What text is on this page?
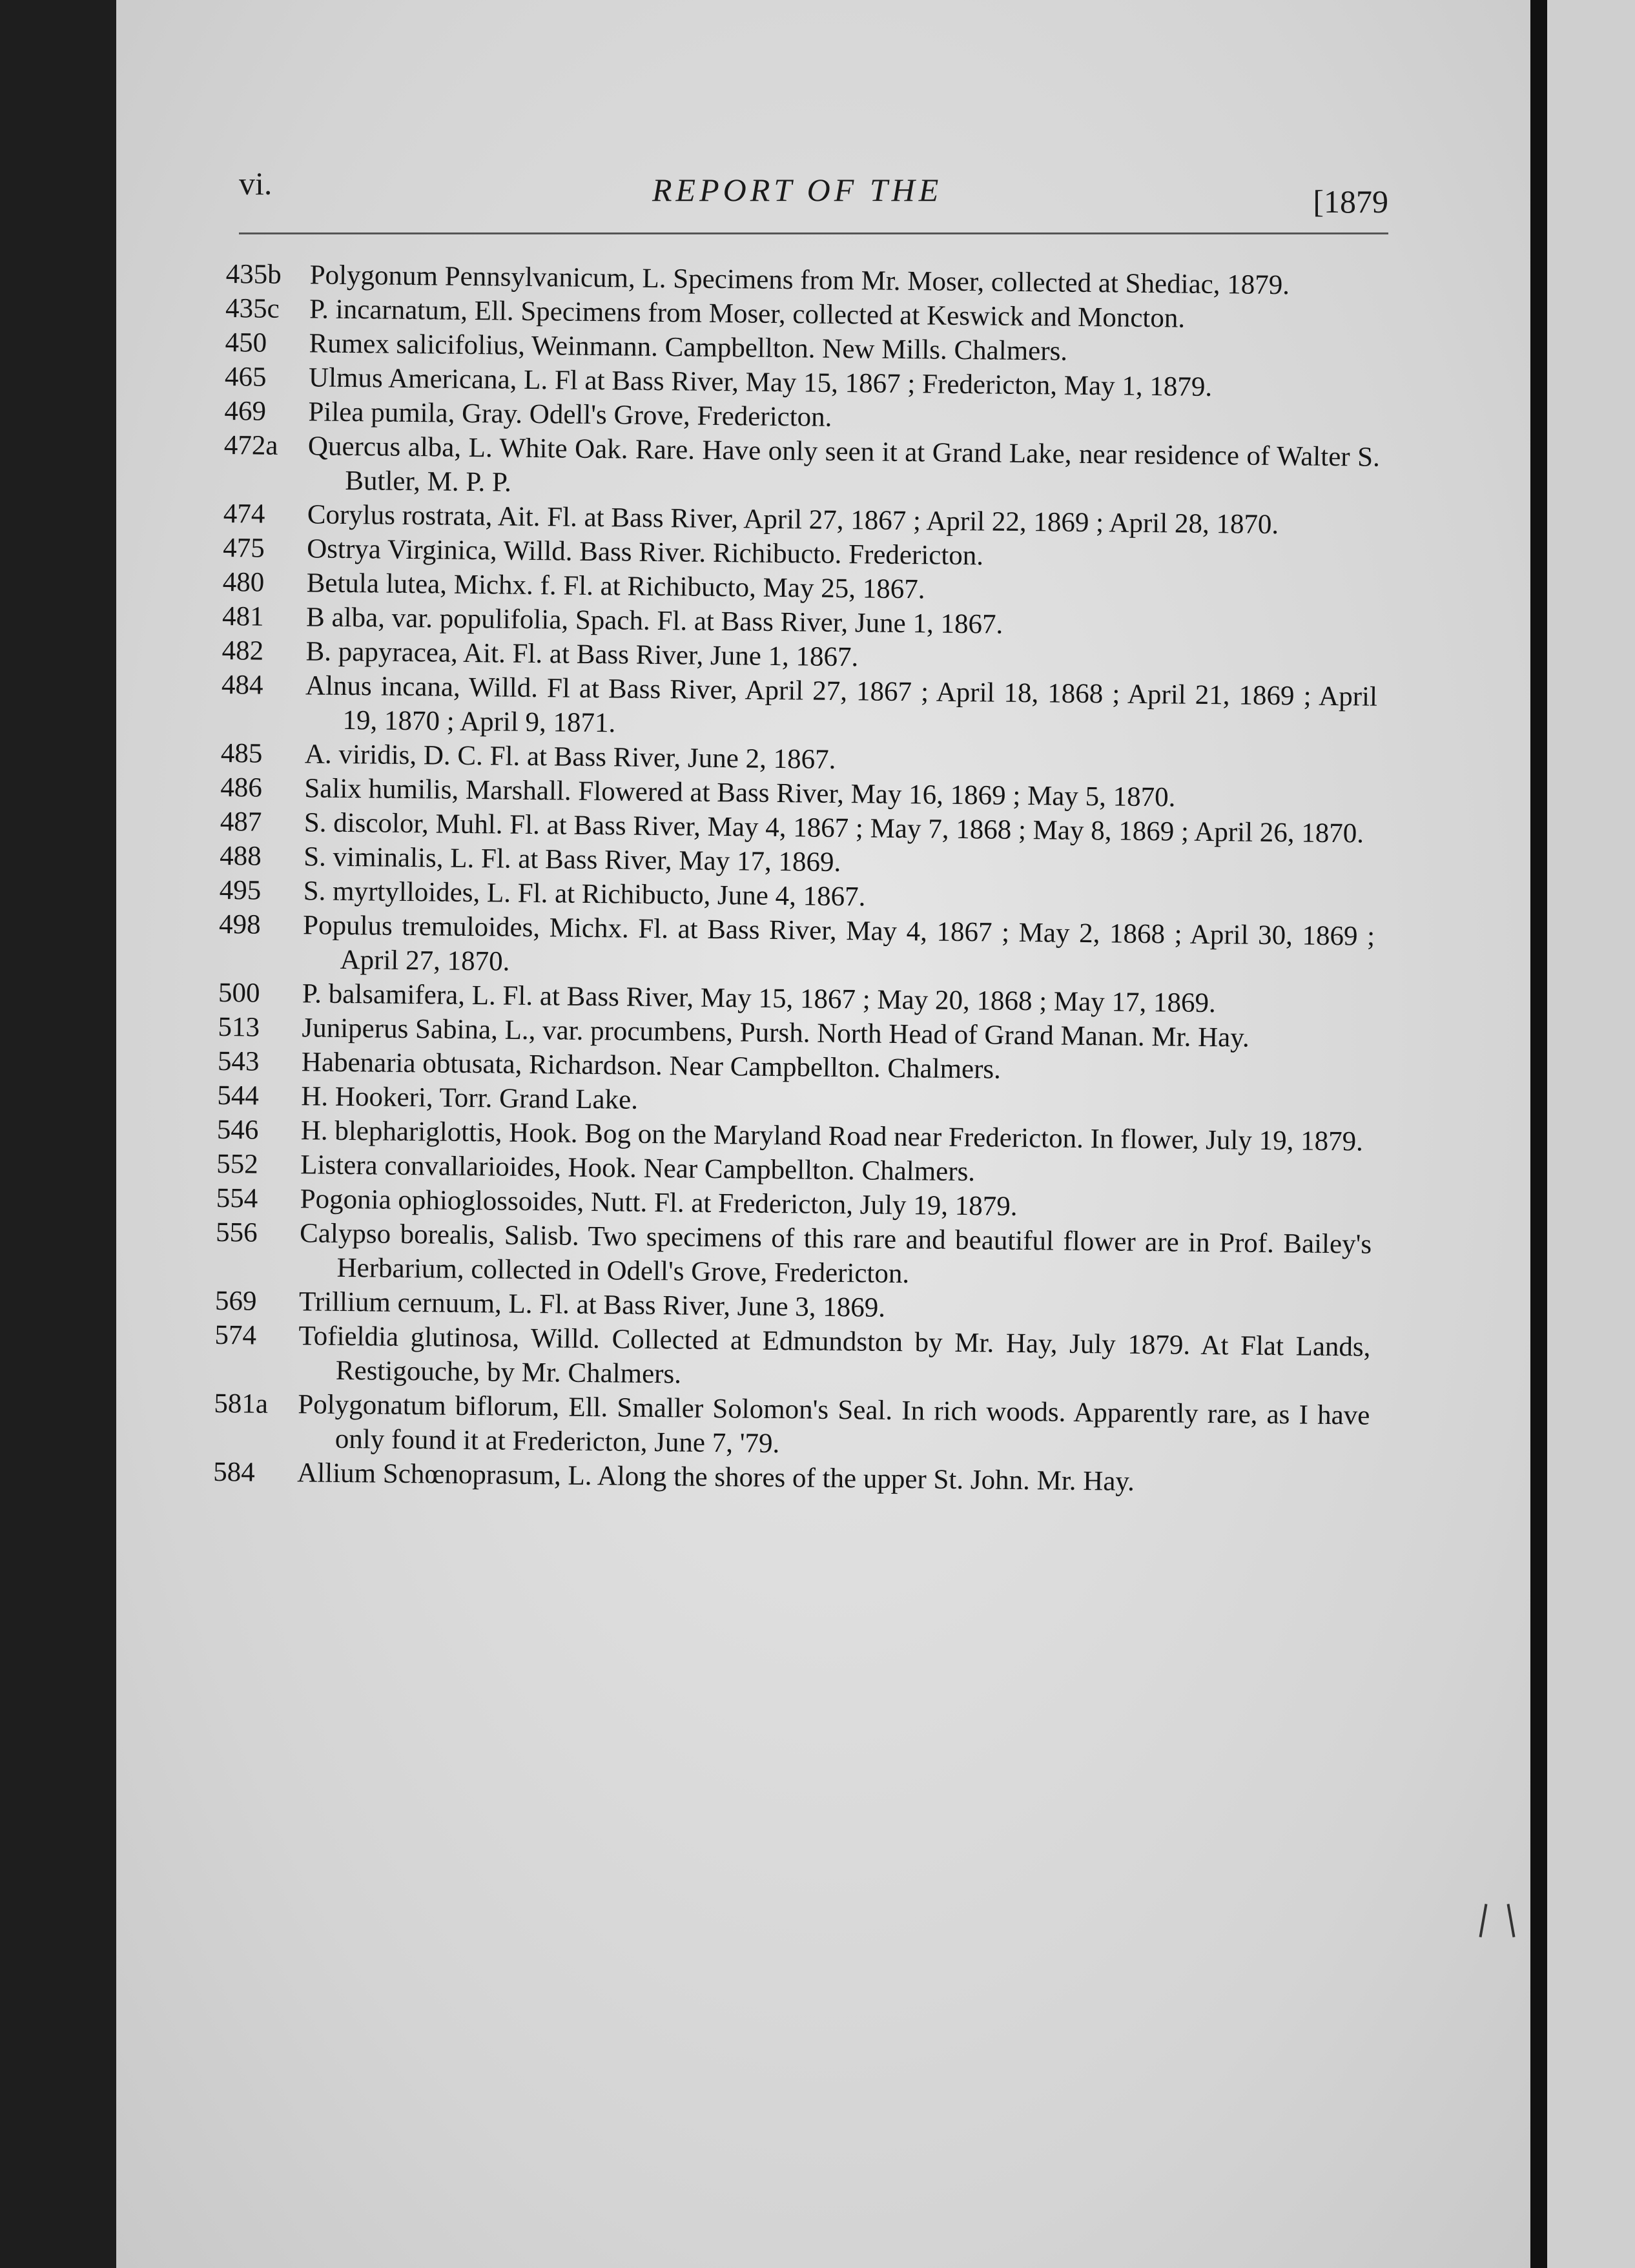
vi.	REPORT OF THE	[1879
435b	Polygonum Pennsylvanicum, L. Specimens from Mr. Moser, collected at Shediac, 1879.
435c	P. incarnatum, Ell. Specimens from Moser, collected at Keswick and Moncton.
450	Rumex salicifolius, Weinmann. Campbellton. New Mills. Chalmers.
465	Ulmus Americana, L. Fl at Bass River, May 15, 1867 ; Fredericton, May 1, 1879.
469	Pilea pumila, Gray. Odell's Grove, Fredericton.
472a	Quercus alba, L. White Oak. Rare. Have only seen it at Grand Lake, near residence of Walter S. Butler, M. P. P.
474	Corylus rostrata, Ait. Fl. at Bass River, April 27, 1867 ; April 22, 1869 ; April 28, 1870.
475	Ostrya Virginica, Willd. Bass River. Richibucto. Fredericton.
480	Betula lutea, Michx. f. Fl. at Richibucto, May 25, 1867.
481	B alba, var. populifolia, Spach. Fl. at Bass River, June 1, 1867.
482	B. papyracea, Ait. Fl. at Bass River, June 1, 1867.
484	Alnus incana, Willd. Fl at Bass River, April 27, 1867 ; April 18, 1868 ; April 21, 1869 ; April 19, 1870 ; April 9, 1871.
485	A. viridis, D. C. Fl. at Bass River, June 2, 1867.
486	Salix humilis, Marshall. Flowered at Bass River, May 16, 1869 ; May 5, 1870.
487	S. discolor, Muhl. Fl. at Bass River, May 4, 1867 ; May 7, 1868 ; May 8, 1869 ; April 26, 1870.
488	S. viminalis, L. Fl. at Bass River, May 17, 1869.
495	S. myrtylloides, L. Fl. at Richibucto, June 4, 1867.
498	Populus tremuloides, Michx. Fl. at Bass River, May 4, 1867 ; May 2, 1868 ; April 30, 1869 ; April 27, 1870.
500	P. balsamifera, L. Fl. at Bass River, May 15, 1867 ; May 20, 1868 ; May 17, 1869.
513	Juniperus Sabina, L., var. procumbens, Pursh. North Head of Grand Manan. Mr. Hay.
543	Habenaria obtusata, Richardson. Near Campbellton. Chalmers.
544	H. Hookeri, Torr. Grand Lake.
546	H. blephariglottis, Hook. Bog on the Maryland Road near Fredericton. In flower, July 19, 1879.
552	Listera convallarioides, Hook. Near Campbellton. Chalmers.
554	Pogonia ophioglossoides, Nutt. Fl. at Fredericton, July 19, 1879.
556	Calypso borealis, Salisb. Two specimens of this rare and beautiful flower are in Prof. Bailey's Herbarium, collected in Odell's Grove, Fredericton.
569	Trillium cernuum, L. Fl. at Bass River, June 3, 1869.
574	Tofieldia glutinosa, Willd. Collected at Edmundston by Mr. Hay, July 1879. At Flat Lands, Restigouche, by Mr. Chalmers.
581a	Polygonatum biflorum, Ell. Smaller Solomon's Seal. In rich woods. Apparently rare, as I have only found it at Fredericton, June 7, '79.
584	Allium Schœnoprasum, L. Along the shores of the upper St. John. Mr. Hay.
